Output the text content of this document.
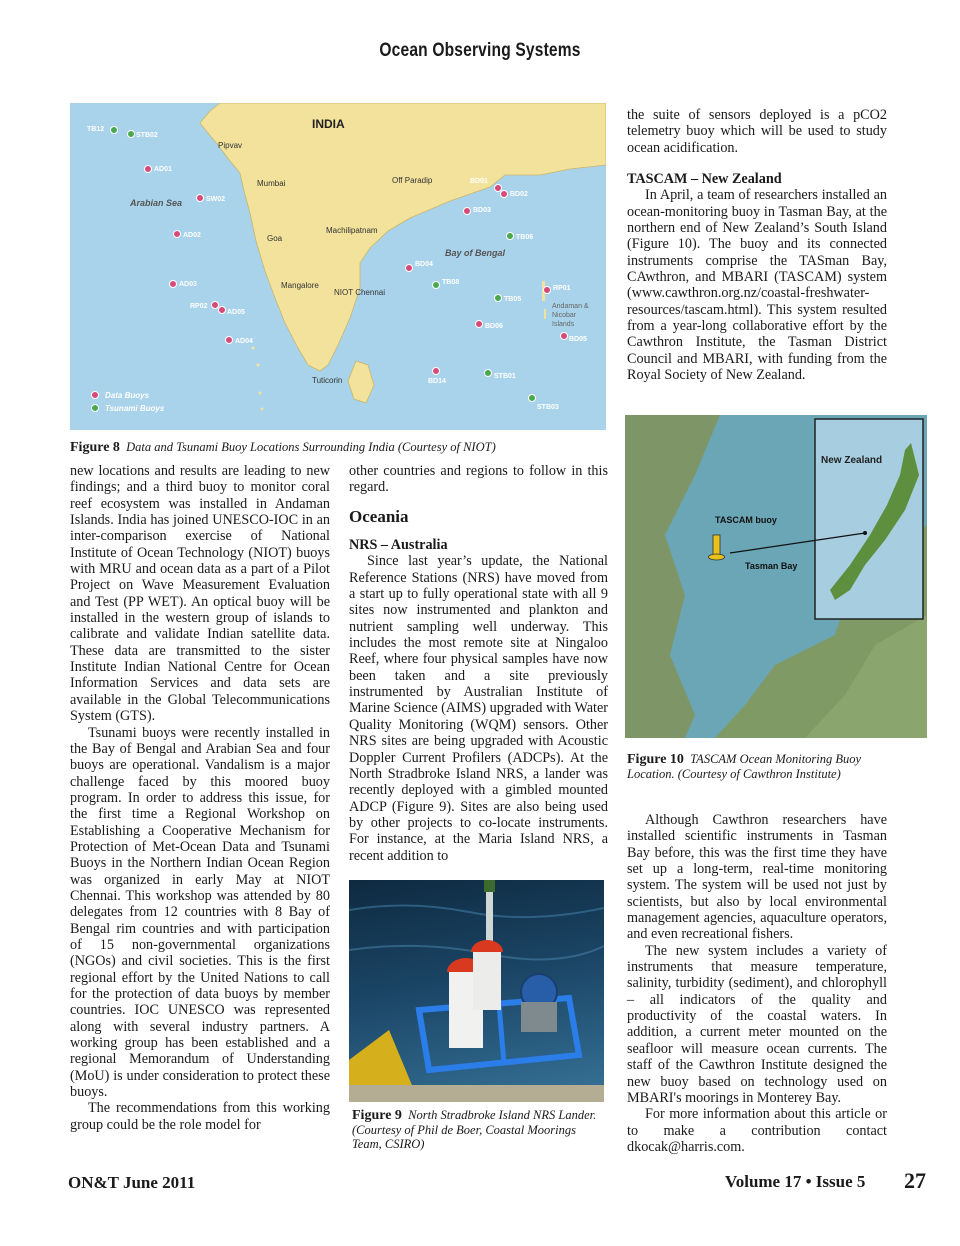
Ocean Observing Systems
INDIA
Arabian Sea
Bay of Bengal
Andaman &
Nicobar
Islands
Pipvav
Mumbai
Goa
Mangalore
Tuticorin
Machilipatnam
NIOT Chennai
Off Paradip
TB12
STB02
AD01
SW02
AD02
AD03
RP02
AD05
AD04
BD01
BD02
BD03
TB06
BD04
TB08
TB05
RP01
BD06
BD05
BD14
STB01
STB03
Data Buoys
Tsunami Buoys
Figure 8 Data and Tsunami Buoy Locations Surrounding India (Courtesy of NIOT)

new locations and results are leading to new findings; and a third buoy to monitor coral reef ecosystem was installed in Andaman Islands. India has joined UNESCO-IOC in an inter-comparison exercise of National Institute of Ocean Technology (NIOT) buoys with MRU and ocean data as a part of a Pilot Project on Wave Measurement Evaluation and Test (PP WET). An optical buoy will be installed in the western group of islands to calibrate and validate Indian satellite data. These data are transmitted to the sister Institute Indian National Centre for Ocean Information Services and data sets are available in the Global Telecommunications System (GTS).

Tsunami buoys were recently installed in the Bay of Bengal and Arabian Sea and four buoys are operational. Vandalism is a major challenge faced by this moored buoy program. In order to address this issue, for the first time a Regional Workshop on Establishing a Cooperative Mechanism for Protection of Met-Ocean Data and Tsunami Buoys in the Northern Indian Ocean Region was organized in early May at NIOT Chennai. This workshop was attended by 80 delegates from 12 countries with 8 Bay of Bengal rim countries and with participation of 15 non-governmental organizations (NGOs) and civil societies. This is the first regional effort by the United Nations to call for the protection of data buoys by member countries. IOC UNESCO was represented along with several industry partners. A working group has been established and a regional Memorandum of Understanding (MoU) is under consideration to protect these buoys.

The recommendations from this working group could be the role model for

other countries and regions to follow in this regard.

Oceania
NRS – Australia

Since last year’s update, the National Reference Stations (NRS) have moved from a start up to fully operational state with all 9 sites now instrumented and plankton and nutrient sampling well underway. This includes the most remote site at Ningaloo Reef, where four physical samples have now been taken and a site previously instrumented by Australian Institute of Marine Science (AIMS) upgraded with Water Quality Monitoring (WQM) sensors. Other NRS sites are being upgraded with Acoustic Doppler Current Profilers (ADCPs). At the North Stradbroke Island NRS, a lander was recently deployed with a gimbled mounted ADCP (Figure 9). Sites are also being used by other projects to co-locate instruments. For instance, at the Maria Island NRS, a recent addition to

Figure 9 North Stradbroke Island NRS Lander. (Courtesy of Phil de Boer, Coastal Moorings Team, CSIRO)

the suite of sensors deployed is a pCO2 telemetry buoy which will be used to study ocean acidification.

TASCAM – New Zealand

In April, a team of researchers installed an ocean-monitoring buoy in Tasman Bay, at the northern end of New Zealand’s South Island (Figure 10). The buoy and its connected instruments comprise the TASman Bay, CAwthron, and MBARI (TASCAM) system (www.cawthron.org.nz/coastal-freshwater-resources/tascam.html). This system resulted from a year-long collaborative effort by the Cawthron Institute, the Tasman District Council and MBARI, with funding from the Royal Society of New Zealand.

New Zealand
TASCAM buoy
Tasman Bay
Figure 10 TASCAM Ocean Monitoring Buoy Location. (Courtesy of Cawthron Institute)

Although Cawthron researchers have installed scientific instruments in Tasman Bay before, this was the first time they have set up a long-term, real-time monitoring system. The system will be used not just by scientists, but also by local environmental management agencies, aquaculture operators, and even recreational fishers.

The new system includes a variety of instruments that measure temperature, salinity, turbidity (sediment), and chlorophyll – all indicators of the quality and productivity of the coastal waters. In addition, a current meter mounted on the seafloor will measure ocean currents. The staff of the Cawthron Institute designed the new buoy based on technology used on MBARI's moorings in Monterey Bay.

For more information about this article or to make a contribution contact dkocak@harris.com.

ON&T June 2011	Volume 17 • Issue 5 27
